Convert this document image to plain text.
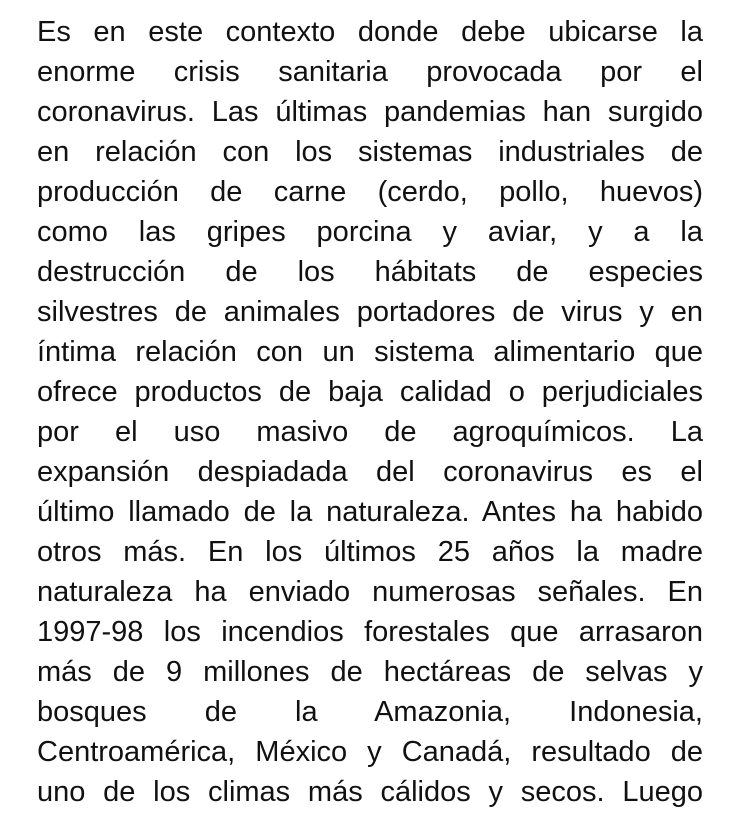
Es en este contexto donde debe ubicarse la
enorme crisis sanitaria provocada por el
coronavirus. Las últimas pandemias han surgido
en relación con los sistemas industriales de
producción de carne (cerdo, pollo, huevos)
como las gripes porcina y aviar, y a la
destrucción de los hábitats de especies
silvestres de animales portadores de virus y en
íntima relación con un sistema alimentario que
ofrece productos de baja calidad o perjudiciales
por el uso masivo de agroquímicos. La
expansión despiadada del coronavirus es el
último llamado de la naturaleza. Antes ha habido
otros más. En los últimos 25 años la madre
naturaleza ha enviado numerosas señales. En
1997-98 los incendios forestales que arrasaron
más de 9 millones de hectáreas de selvas y
bosques de la Amazonia, Indonesia,
Centroamérica, México y Canadá, resultado de
uno de los climas más cálidos y secos. Luego
